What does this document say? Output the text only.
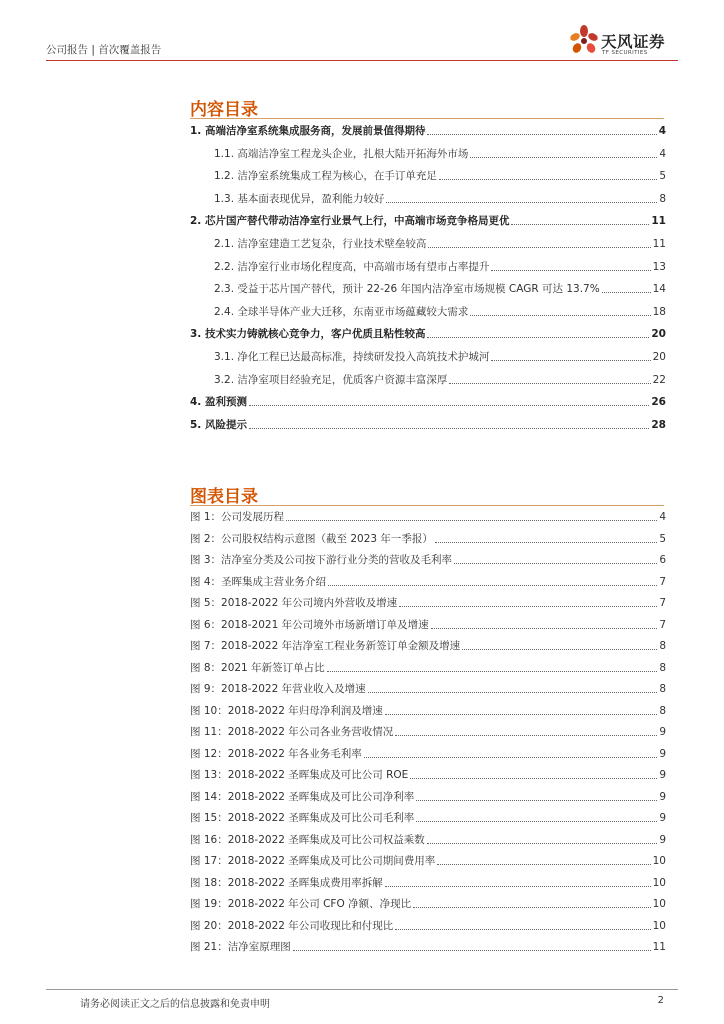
公司报告 | 首次覆盖报告	天风证券
TF SECURITIES
内容目录
1. 高端洁净室系统集成服务商，发展前景值得期待	4
1.1. 高端洁净室工程龙头企业，扎根大陆开拓海外市场	4
1.2. 洁净室系统集成工程为核心，在手订单充足	5
1.3. 基本面表现优异，盈利能力较好	8
2. 芯片国产替代带动洁净室行业景气上行，中高端市场竞争格局更优	11
2.1. 洁净室建造工艺复杂，行业技术壁垒较高	11
2.2. 洁净室行业市场化程度高，中高端市场有望市占率提升	13
2.3. 受益于芯片国产替代，预计 22-26 年国内洁净室市场规模 CAGR 可达 13.7%	14
2.4. 全球半导体产业大迁移，东南亚市场蕴藏较大需求	18
3. 技术实力铸就核心竞争力，客户优质且粘性较高	20
3.1. 净化工程已达最高标准，持续研发投入高筑技术护城河	20
3.2. 洁净室项目经验充足，优质客户资源丰富深厚	22
4. 盈利预测	26
5. 风险提示	28
图表目录
图 1：公司发展历程	4
图 2：公司股权结构示意图（截至 2023 年一季报）	5
图 3：洁净室分类及公司按下游行业分类的营收及毛利率	6
图 4：圣晖集成主营业务介绍	7
图 5：2018-2022 年公司境内外营收及增速	7
图 6：2018-2021 年公司境外市场新增订单及增速	7
图 7：2018-2022 年洁净室工程业务新签订单金额及增速	8
图 8：2021 年新签订单占比	8
图 9：2018-2022 年营业收入及增速	8
图 10：2018-2022 年归母净利润及增速	8
图 11：2018-2022 年公司各业务营收情况	9
图 12：2018-2022 年各业务毛利率	9
图 13：2018-2022 圣晖集成及可比公司 ROE	9
图 14：2018-2022 圣晖集成及可比公司净利率	9
图 15：2018-2022 圣晖集成及可比公司毛利率	9
图 16：2018-2022 圣晖集成及可比公司权益乘数	9
图 17：2018-2022 圣晖集成及可比公司期间费用率	10
图 18：2018-2022 圣晖集成费用率拆解	10
图 19：2018-2022 年公司 CFO 净额、净现比	10
图 20：2018-2022 年公司收现比和付现比	10
图 21：洁净室原理图	11
请务必阅读正文之后的信息披露和免责申明	2
